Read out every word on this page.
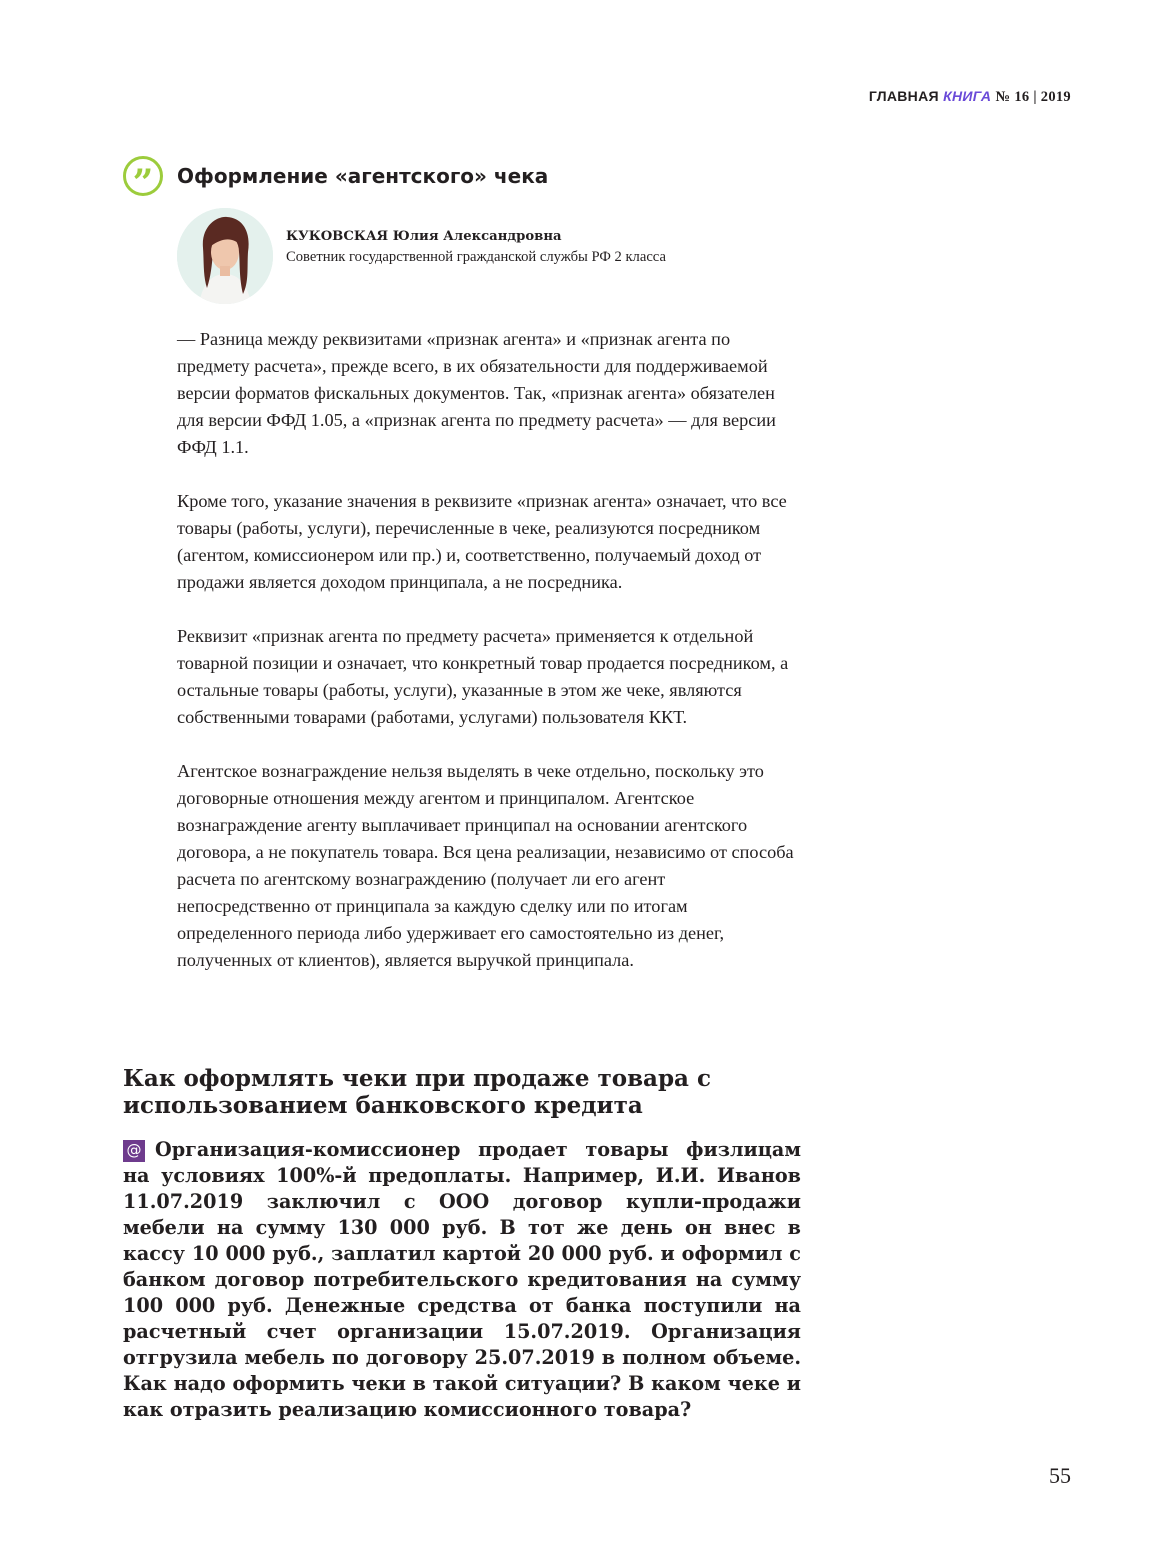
ГЛАВНАЯ КНИГА № 16 | 2019
” Оформление «агентского» чека
КУКОВСКАЯ Юлия Александровна
Советник государственной гражданской службы РФ 2 класса

— Разница между реквизитами «признак агента» и «признак агента по предмету расчета», прежде всего, в их обязательности для поддерживаемой версии форматов фискальных документов. Так, «признак агента» обязателен для версии ФФД 1.05, а «признак агента по предмету расчета» — для версии ФФД 1.1.

Кроме того, указание значения в реквизите «признак агента» означает, что все товары (работы, услуги), перечисленные в чеке, реализуются посредником (агентом, комиссионером или пр.) и, соответственно, получаемый доход от продажи является доходом принципала, а не посредника.

Реквизит «признак агента по предмету расчета» применяется к отдельной товарной позиции и означает, что конкретный товар продается посредником, а остальные товары (работы, услуги), указанные в этом же чеке, являются собственными товарами (работами, услугами) пользователя ККТ.

Агентское вознаграждение нельзя выделять в чеке отдельно, поскольку это договорные отношения между агентом и принципалом. Агентское вознаграждение агенту выплачивает принципал на основании агентского договора, а не покупатель товара. Вся цена реализации, независимо от способа расчета по агентскому вознаграждению (получает ли его агент непосредственно от принципала за каждую сделку или по итогам определенного периода либо удерживает его самостоятельно из денег, полученных от клиентов), является выручкой принципала.

Как оформлять чеки при продаже товара с использованием банковского кредита
@ Организация-комиссионер продает товары физлицам на условиях 100%-й предоплаты. Например, И.И. Иванов 11.07.2019 заключил с ООО договор купли-продажи мебели на сумму 130 000 руб. В тот же день он внес в кассу 10 000 руб., заплатил картой 20 000 руб. и оформил с банком договор потребительского кредитования на сумму 100 000 руб. Денежные средства от банка поступили на расчетный счет организации 15.07.2019. Организация отгрузила мебель по договору 25.07.2019 в полном объеме. Как надо оформить чеки в такой ситуации? В каком чеке и как отразить реализацию комиссионного товара?
55
